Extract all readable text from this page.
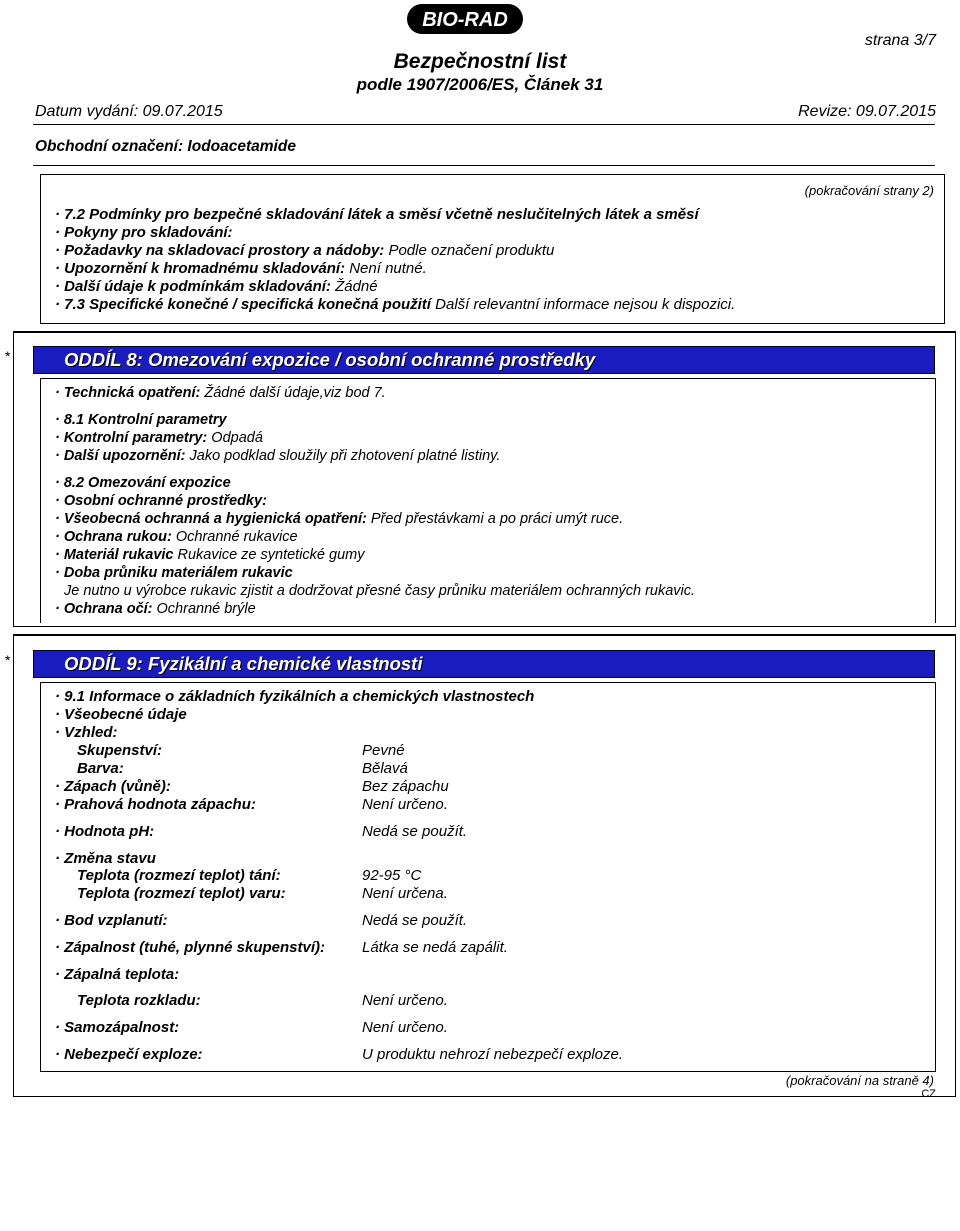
BIO-RAD
strana 3/7
Bezpečnostní list
podle 1907/2006/ES, Článek 31
Datum vydání: 09.07.2015	Revize: 09.07.2015
Obchodní označení: Iodoacetamide
(pokračování strany 2)
· 7.2 Podmínky pro bezpečné skladování látek a směsí včetně neslučitelných látek a směsí
· Pokyny pro skladování:
· Požadavky na skladovací prostory a nádoby: Podle označení produktu
· Upozornění k hromadnému skladování: Není nutné.
· Další údaje k podmínkám skladování: Žádné
· 7.3 Specifické konečné / specifická konečná použití Další relevantní informace nejsou k dispozici.
*	ODDÍL 8: Omezování expozice / osobní ochranné prostředky
· Technická opatření: Žádné další údaje,viz bod 7.
· 8.1 Kontrolní parametry
· Kontrolní parametry: Odpadá
· Další upozornění: Jako podklad sloužily při zhotovení platné listiny.
· 8.2 Omezování expozice
· Osobní ochranné prostředky:
· Všeobecná ochranná a hygienická opatření: Před přestávkami a po práci umýt ruce.
· Ochrana rukou: Ochranné rukavice
· Materiál rukavic Rukavice ze syntetické gumy
· Doba průniku materiálem rukavic
Je nutno u výrobce rukavic zjistit a dodržovat přesné časy průniku materiálem ochranných rukavic.
· Ochrana očí: Ochranné brýle
*	ODDÍL 9: Fyzikální a chemické vlastnosti
· 9.1 Informace o základních fyzikálních a chemických vlastnostech
· Všeobecné údaje
· Vzhled:
Skupenství:	Pevné
Barva:	Bělavá
· Zápach (vůně):	Bez zápachu
· Prahová hodnota zápachu:	Není určeno.
· Hodnota pH:	Nedá se použít.
· Změna stavu
Teplota (rozmezí teplot) tání:	92-95 °C
Teplota (rozmezí teplot) varu:	Není určena.
· Bod vzplanutí:	Nedá se použít.
· Zápalnost (tuhé, plynné skupenství): Látka se nedá zapálit.
· Zápalná teplota:
Teplota rozkladu:	Není určeno.
· Samozápalnost:	Není určeno.
· Nebezpečí exploze:	U produktu nehrozí nebezpečí exploze.
(pokračování na straně 4)
CZ
